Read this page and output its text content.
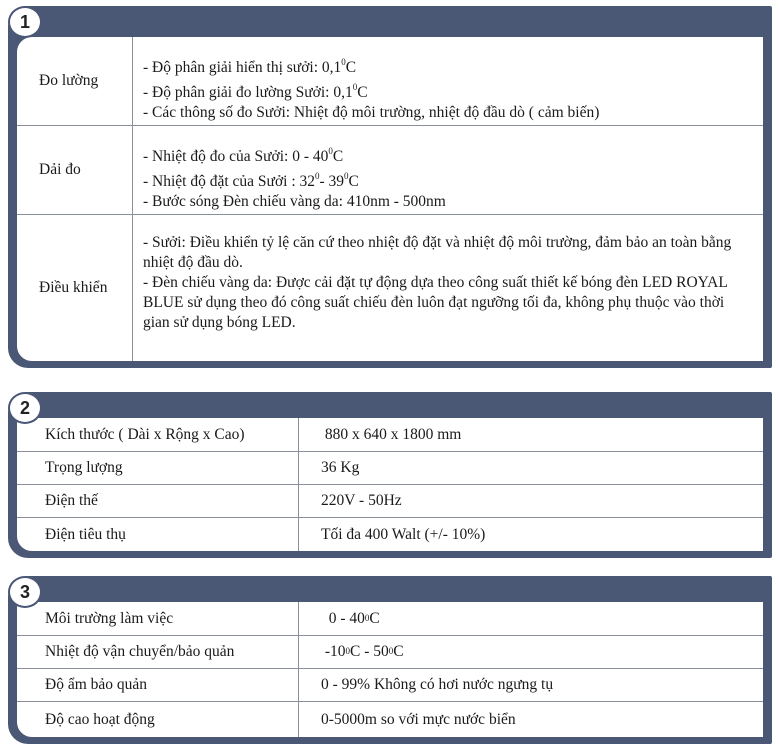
1
Đo lường

- Độ phân giải hiển thị sưởi: $0,1^0C$

- Độ phân giải đo lường Sưởi: $0,1^0C$

- Các thông số đo Sưởi: Nhiệt độ môi trường, nhiệt độ đầu dò ( cảm biến)

Dải đo

- Nhiệt độ đo của Sưởi: $0 - 40^0C$

- Nhiệt độ đặt của Sưởi : $32^0-$ $39^0C$

- Bước sóng Đèn chiếu vàng da: 410nm - 500nm

Điều khiển

- Sưởi: Điều khiển tỷ lệ căn cứ theo nhiệt độ đặt và nhiệt độ môi trường, đảm bảo an toàn bằng nhiệt độ đầu dò.

- Đèn chiếu vàng da: Được cải đặt tự động dựa theo công suất thiết kế bóng đèn LED ROYAL BLUE sử dụng theo đó công suất chiếu đèn luôn đạt ngưỡng tối đa, không phụ thuộc vào thời gian sử dụng bóng LED.

2
Kích thước ( Dài x Rộng x Cao)	880 x 640 x 1800 mm
Trọng lượng	36 Kg
Điện thế	220V - 50Hz
Điện tiêu thụ	Tối đa 400 Walt (+/- 10%)
3
Môi trường làm việc	$0 - 40^0$ C
Nhiệt độ vận chuyển/bảo quản	$-10^0$ C - $50^0$ C
Độ ẩm bảo quản	0 - 99% Không có hơi nước ngưng tụ
Độ cao hoạt động	0-5000m so với mực nước biển
